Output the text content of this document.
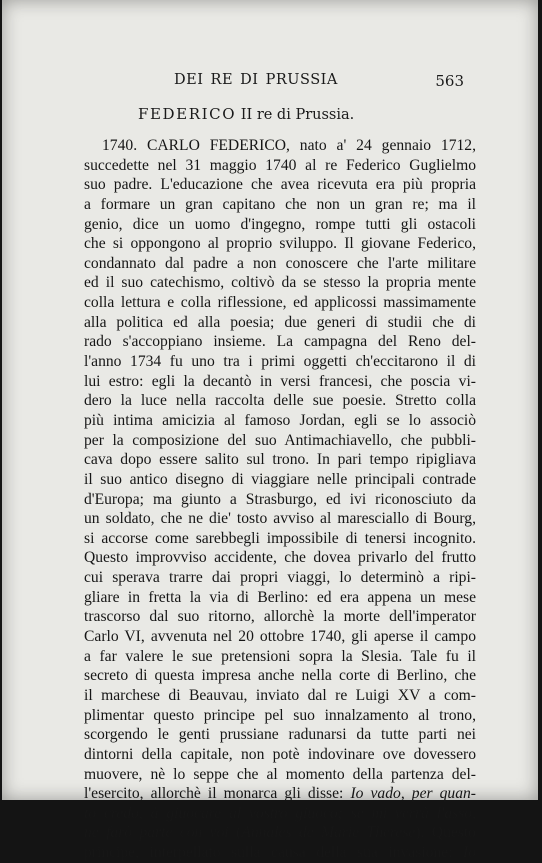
DEI RE DI PRUSSIA	563
FEDERICO II re di Prussia.
1740. CARLO FEDERICO, nato a' 24 gennaio 1712,
succedette nel 31 maggio 1740 al re Federico Guglielmo
suo padre. L'educazione che avea ricevuta era più propria
a formare un gran capitano che non un gran re; ma il
genio, dice un uomo d'ingegno, rompe tutti gli ostacoli
che si oppongono al proprio sviluppo. Il giovane Federico,
condannato dal padre a non conoscere che l'arte militare
ed il suo catechismo, coltivò da se stesso la propria mente
colla lettura e colla riflessione, ed applicossi massimamente
alla politica ed alla poesia; due generi di studii che di
rado s'accoppiano insieme. La campagna del Reno del-
l'anno 1734 fu uno tra i primi oggetti ch'eccitarono il di
lui estro: egli la decantò in versi francesi, che poscia vi-
dero la luce nella raccolta delle sue poesie. Stretto colla
più intima amicizia al famoso Jordan, egli se lo associò
per la composizione del suo Antimachiavello, che pubbli-
cava dopo essere salito sul trono. In pari tempo ripigliava
il suo antico disegno di viaggiare nelle principali contrade
d'Europa; ma giunto a Strasburgo, ed ivi riconosciuto da
un soldato, che ne die' tosto avviso al maresciallo di Bourg,
si accorse come sarebbegli impossibile di tenersi incognito.
Questo improvviso accidente, che dovea privarlo del frutto
cui sperava trarre dai propri viaggi, lo determinò a ripi-
gliare in fretta la via di Berlino: ed era appena un mese
trascorso dal suo ritorno, allorchè la morte dell'imperator
Carlo VI, avvenuta nel 20 ottobre 1740, gli aperse il campo
a far valere le sue pretensioni sopra la Slesia. Tale fu il
secreto di questa impresa anche nella corte di Berlino, che
il marchese di Beauvau, inviato dal re Luigi XV a com-
plimentar questo principe pel suo innalzamento al trono,
scorgendo le genti prussiane radunarsi da tutte parti nei
dintorni della capitale, non potè indovinare ove dovessero
muovere, nè lo seppe che al momento della partenza del-
l'esercito, allorchè il monarca gli disse: Io vado, per quan-
to credo, à giuocare al vostro giuoco; se mi verrà l'asso,
ne farò parte con voi (Annales de Marie Therese). Questo
principe, interpellato sulla causa della sua invasione: Io
